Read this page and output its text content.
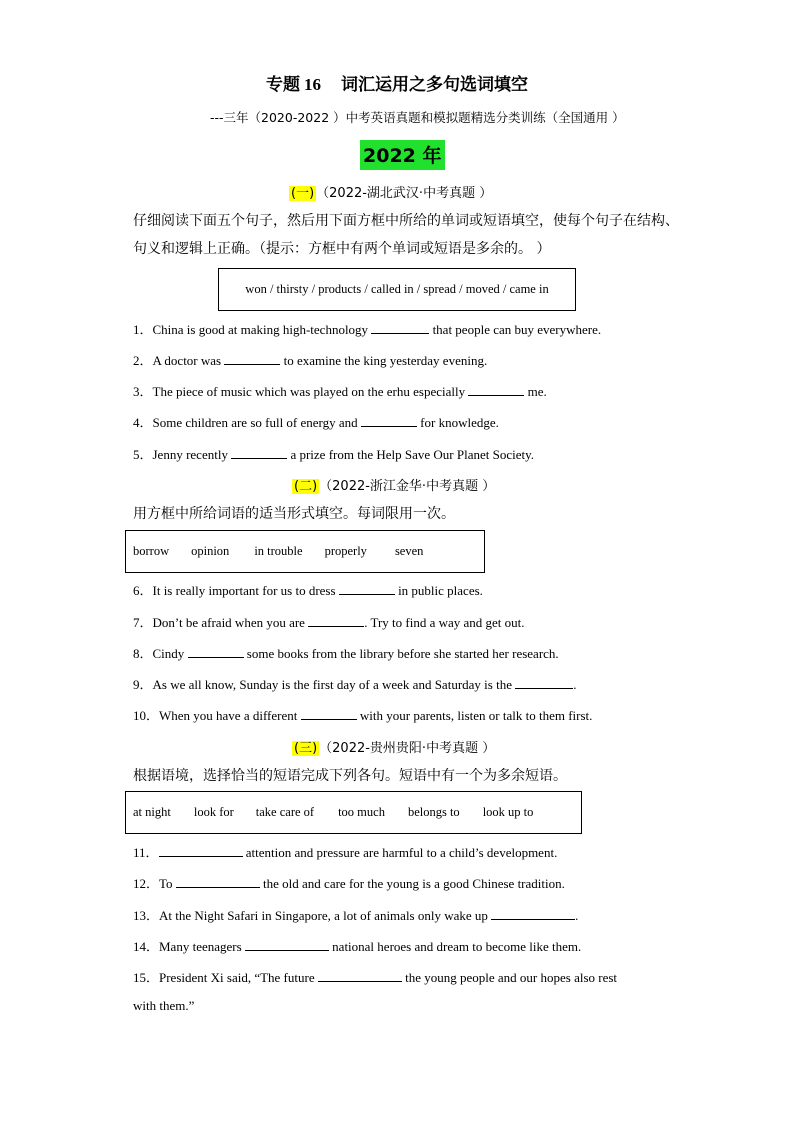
专题 16 词汇运用之多句选词填空
---三年（2020-2022 ）中考英语真题和模拟题精选分类训练（全国通用 ）
2022 年
(一) （2022-湖北武汉·中考真题 ）
仔细阅读下面五个句子，然后用下面方框中所给的单词或短语填空，使每个句子在结构、
句义和逻辑上正确。（提示：方框中有两个单词或短语是多余的。 ）
won / thirsty / products / called in / spread / moved / came in
1．China is good at making high-technology	that people can buy everywhere.
2．A doctor was	to examine the king yesterday evening.
3．The piece of music which was played on the erhu especially	me.
4．Some children are so full of energy and	for knowledge.
5．Jenny recently	a prize from the Help Save Our Planet Society.
(二) （2022-浙江金华·中考真题 ）
用方框中所给词语的适当形式填空。每词限用一次。
borrow opinion in trouble properly seven
6．It is really important for us to dress	in public places.
7．Don’t be afraid when you are	. Try to find a way and get out.
8．Cindy	some books from the library before she started her research.
9．As we all know, Sunday is the first day of a week and Saturday is the	.
10．When you have a different	with your parents, listen or talk to them first.
(三) （2022-贵州贵阳·中考真题 ）
根据语境，选择恰当的短语完成下列各句。短语中有一个为多余短语。
at night look for take care of too much belongs to look up to
11．	attention and pressure are harmful to a child’s development.
12．To	the old and care for the young is a good Chinese tradition.
13．At the Night Safari in Singapore, a lot of animals only wake up	.
14．Many teenagers	national heroes and dream to become like them.
15．President Xi said, “The future	the young people and our hopes also rest
with them.”
